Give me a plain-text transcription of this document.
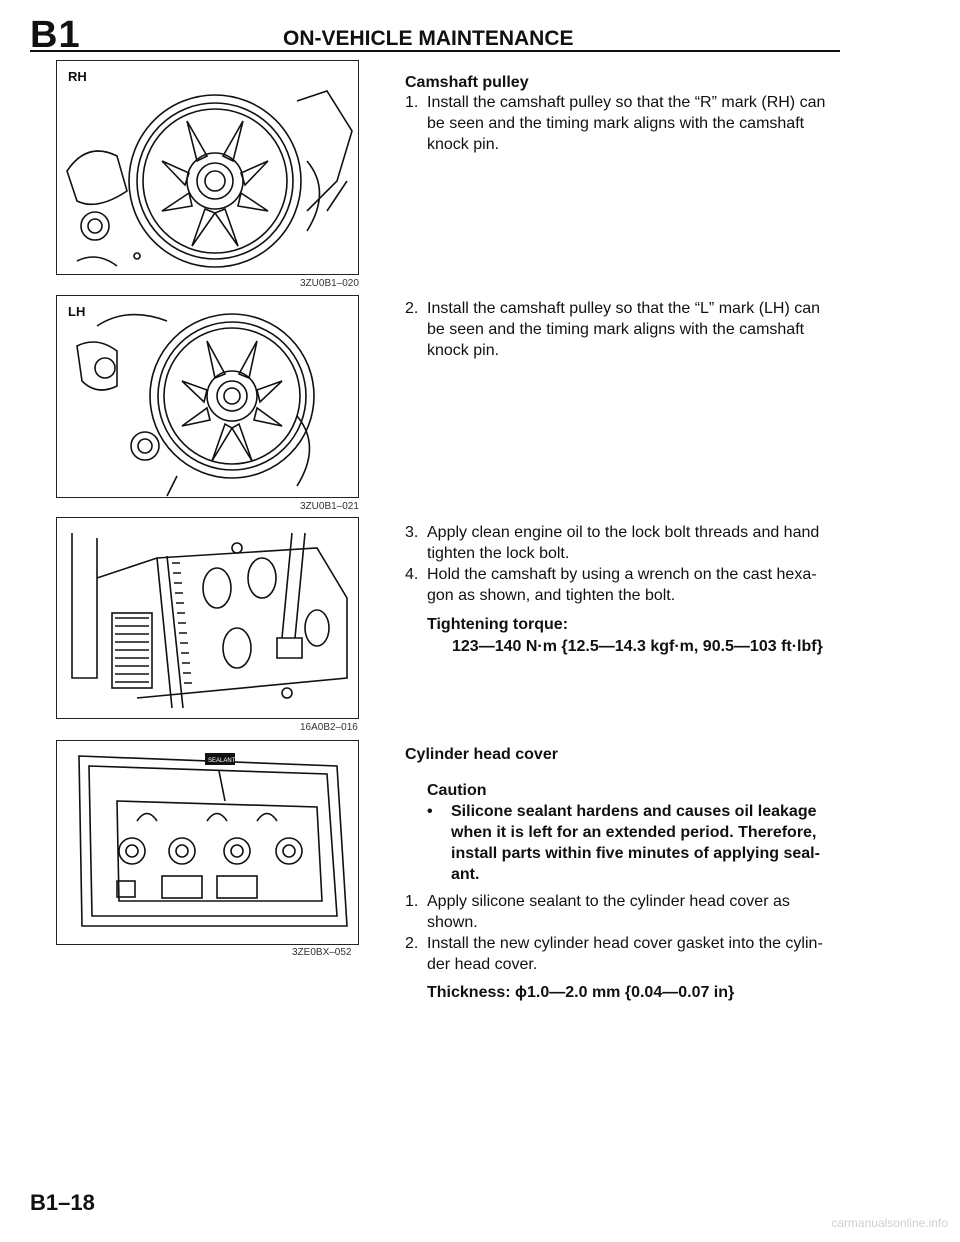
B1	ON-VEHICLE MAINTENANCE
RH
3ZU0B1–020
LH
3ZU0B1–021
16A0B2–016
SEALANT
3ZE0BX–052
Camshaft pulley
1. Install the camshaft pulley so that the “R” mark (RH) can be seen and the timing mark aligns with the camshaft knock pin.

2. Install the camshaft pulley so that the “L” mark (LH) can be seen and the timing mark aligns with the camshaft knock pin.

3. Apply clean engine oil to the lock bolt threads and hand tighten the lock bolt.

4. Hold the camshaft by using a wrench on the cast hexa-gon as shown, and tighten the bolt.

Tightening torque:
123—140 N·m {12.5—14.3 kgf·m, 90.5—103 ft·lbf}
Cylinder head cover
Caution
•	Silicone sealant hardens and causes oil leakage when it is left for an extended period. Therefore, install parts within five minutes of applying seal-ant.

1. Apply silicone sealant to the cylinder head cover as shown.

2. Install the new cylinder head cover gasket into the cylin-der head cover.

Thickness: ϕ1.0—2.0 mm {0.04—0.07 in}
B1–18
carmanualsonline.info
